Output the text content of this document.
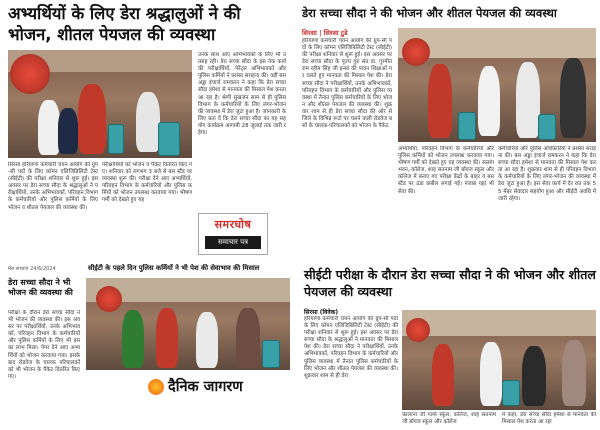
अभ्यर्थियों के लिए डेरा श्रद्धालुओं ने की भोजन, शीतल पेयजल की व्यवस्था
उनके साथ आए अभिभावकों के लिए भी उत्साह रही। डेरा सच्चा सौदा के इस नेक कार्य की परीक्षार्थियों, पेरेंट्स अभिभावकों और पुलिस कर्मियों ने प्रशंसा सराहना की। वहीं बस अड्डा इंचार्ज रामकरन ने कहा कि डेरा सच्चा सौदा हमेशा से मानवता की मिसाल पेश करता आ रहा है। श्रेणी सुखजन साम से ही पुलिस विभाग के कर्मचारियों के लिए लंगर-भोजन की व्यवस्था में डेरा जुटा हुआ है। जानकारी के लिए बता दें कि डेरा सच्चा सौदा का यह सहयोग कार्यक्रम आगामी 28 जुलाई तक जारी रहेगा।
सिरसा हरियाणा कर्मचारी चयन आयोग की ग्रुप-सी पदों के लिए कॉमन एलिजिबिलिटी टेस्ट (सीईटी) की परीक्षा शनिवार से शुरू हुई। इस अवसर पर डेरा सच्चा सौदा के श्रद्धालुओं ने परीक्षार्थियों, उनके अभिभावकों, परिवहन विभाग के कर्मचारियों और पुलिस कर्मियों के लिए भोजन व शीतल पेयजल की व्यवस्था की।
परीक्षार्थियों को भोजन व पैकेट वितरित किए गए। शनिवार को लगभग 3 बजे से बस स्टैंड पर व्यवस्था शुरू की। परीक्षा देने आए अभ्यर्थियों, परिवहन विभाग के कर्मचारियों और पुलिस कर्मियों को भोजन उपलब्ध करवाया गया। भीषण गर्मी को देखते हुए यह
समरघोष
समाचार पत्र
डेरा सच्चा सौदा ने की भोजन और शीतल पेयजल की व्यवस्था
सिरसा | सिरसा टुडे
हरियाणा कर्मचारी चयन आयोग की ग्रुप-सी पदों के लिए कॉमन एलिजिबिलिटी टेस्ट (सीईटी) की परीक्षा शनिवार से शुरू हुई। इस अवसर पर डेरा सच्चा सौदा के पूज्य गुरु संत डा. गुरमीत राम रहीम सिंह जी इन्सां की पावन शिक्षाओं पर चलते हुए मानवता की मिसाल पेश की। डेरा सच्चा सौदा ने परीक्षार्थियों, उनके अभिभावकों, परिवहन विभाग के कर्मचारियों और पुलिस व्यवस्था में तैनात पुलिस कर्मचारियों के लिए भोजन और शीतल पेयजल की व्यवस्था की। शुक्रवार शाम से ही डेरा सच्चा सौदा की ओर से जिले के विभिन्न रूटों पर चलने वाली रोडवेज बसों के चालक-परिचालकों को भोजन के पैकेट
अभ्यर्थियों, परिवहन विभाग के कर्मचारियों और पुलिस कर्मियों को भोजन उपलब्ध करवाया गया। भीषण गर्मी को देखते हुए यह व्यवस्था की। सत्संग भवन, कॉलेज, शाह सतनाम जी बॉयज स्कूल और कॉलेज में बनाए गए परीक्षा केंद्रों के बाहर व बस स्टैंड पर ठंडा छबील लगाई गई। पंजाब यहां भी सेवा की।
कर्मचारियों और पुलिस अधिकारियों ने प्रशंसा सराहना की। बस अड्डा इंचार्ज रामकरन ने कहा कि डेरा सच्चा सौदा हमेशा से मानवता की मिसाल पेश करता आ रहा है। शुक्रवार शाम से ही परिवहन विभाग के कर्मचारियों के लिए लंगर-भोजन की व्यवस्था में डेरा जुटा हुआ है। इस सेवा कार्य में देर रात तक 55 मेंबर सेवादार सहयोग हुआ और सीईटी अवधि में जारी रहेगा।
मैरा सच्चाप 24/6/2024	सीईटी के पहले दिन पुलिस कर्मियों ने भी पेश की सेवाभाव की मिसाल
डेरा सच्चा सौदा ने भी भोजन की व्यवस्था की
परीक्षा के दौरान डेरा सच्चा सौदा ने भी भोजन की व्यवस्था की। इस अवसर पर परीक्षार्थियों, उनके अभिभावकों, परिवहन विभाग के कर्मचारियों और पुलिस कर्मियों के लिए भी इसका लाभ मिला। पेपर देने आए अभ्यर्थियों को भोजन करवाया गया। इसके बाद रोडवेज के चालक परिचालकों को भी भोजन के पैकेट वितरित किए गए।
दैनिक जागरण
सीईटी परीक्षा के दौरान डेरा सच्चा सौदा ने की भोजन और शीतल पेयजल की व्यवस्था
सिरसा (विवेक)
हरियाणा कर्मचारी चयन आयोग की ग्रुप-सी पदों के लिए कॉमन एलिजिबिलिटी टेस्ट (सीईटी) की परीक्षा शनिवार से शुरू हुई। इस अवसर पर डेरा सच्चा सौदा के श्रद्धालुओं ने मानवता की मिसाल पेश की। डेरा सच्चा सौदा ने परीक्षार्थियों, उनके अभिभावकों, परिवहन विभाग के कर्मचारियों और पुलिस व्यवस्था में तैनात पुलिस कर्मचारियों के लिए भोजन और शीतल पेयजल की व्यवस्था की। शुक्रवार शाम से ही डेरा
कालाना जी गर्ल्स स्कूल, कॉलेज, शाह सतनाम जी बॉयज स्कूल और कॉलेज
मे कहा, डेरा सच्चा सौदा हमेशा से मानवता की मिसाल पेश करता आ रहा
